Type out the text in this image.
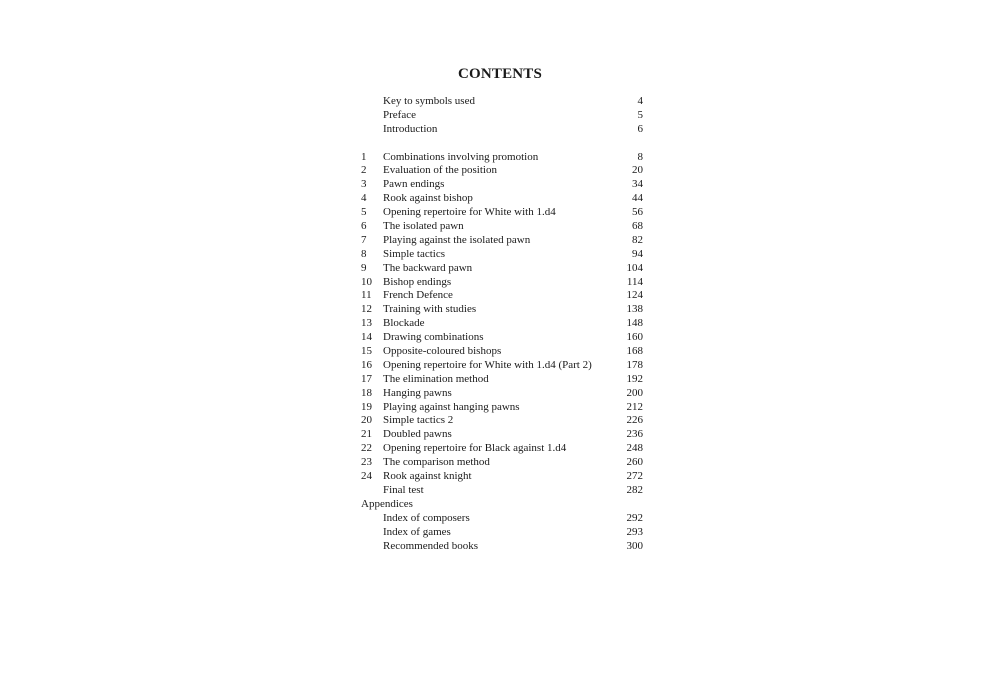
CONTENTS
Key to symbols used	4
Preface	5
Introduction	6
1 Combinations involving promotion	8
2 Evaluation of the position	20
3 Pawn endings	34
4 Rook against bishop	44
5 Opening repertoire for White with 1.d4	56
6 The isolated pawn	68
7 Playing against the isolated pawn	82
8 Simple tactics	94
9 The backward pawn	104
10 Bishop endings	114
11 French Defence	124
12 Training with studies	138
13 Blockade	148
14 Drawing combinations	160
15 Opposite-coloured bishops	168
16 Opening repertoire for White with 1.d4 (Part 2)	178
17 The elimination method	192
18 Hanging pawns	200
19 Playing against hanging pawns	212
20 Simple tactics 2	226
21 Doubled pawns	236
22 Opening repertoire for Black against 1.d4	248
23 The comparison method	260
24 Rook against knight	272
Final test	282
Appendices
Index of composers	292
Index of games	293
Recommended books	300
